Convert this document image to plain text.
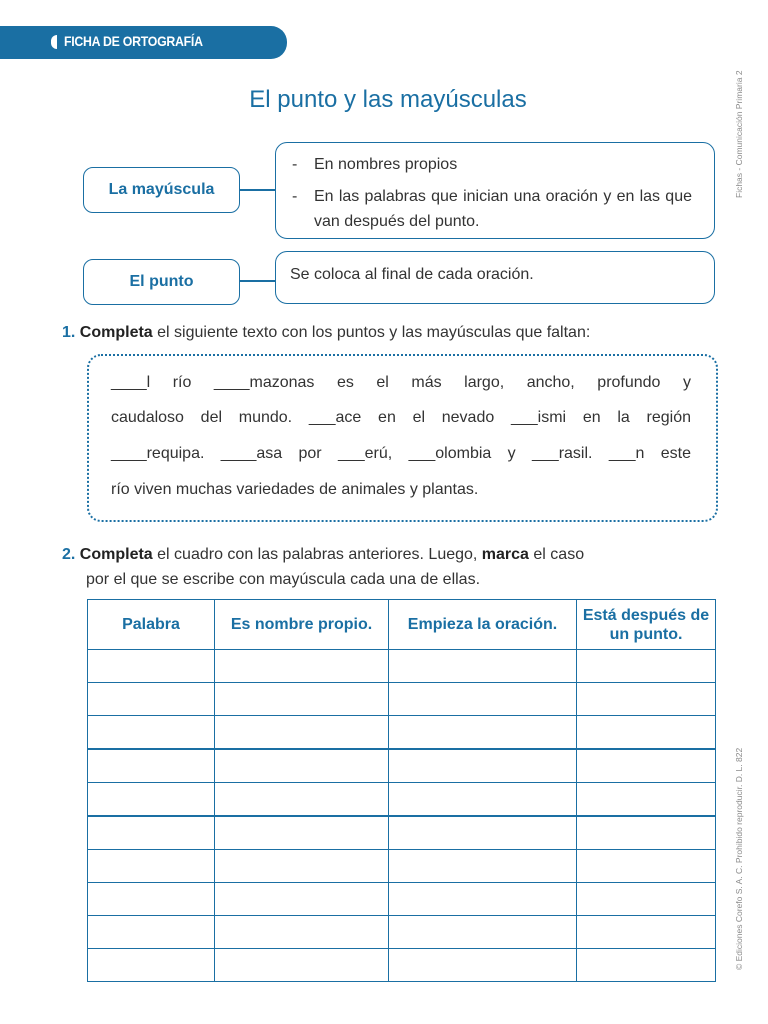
FICHA DE ORTOGRAFÍA
Fichas - Comunicación Primaria 2
© Ediciones Corefo S. A. C. Prohibido reproducir. D. L. 822
El punto y las mayúsculas
La mayúscula
- En nombres propios
- En las palabras que inician una oración y en las que van después del punto.
El punto	Se coloca al final de cada oración.
1. Completa el siguiente texto con los puntos y las mayúsculas que faltan:
____l río ____mazonas es el más largo, ancho, profundo y
caudaloso del mundo. ___ace en el nevado ___ismi en la región
____requipa. ____asa por ___erú, ___olombia y ___rasil. ___n este
río viven muchas variedades de animales y plantas.
2. Completa el cuadro con las palabras anteriores. Luego, marca el caso
por el que se escribe con mayúscula cada una de ellas.
Palabra	Es nombre propio.	Empieza la oración.	Está después de un punto.
